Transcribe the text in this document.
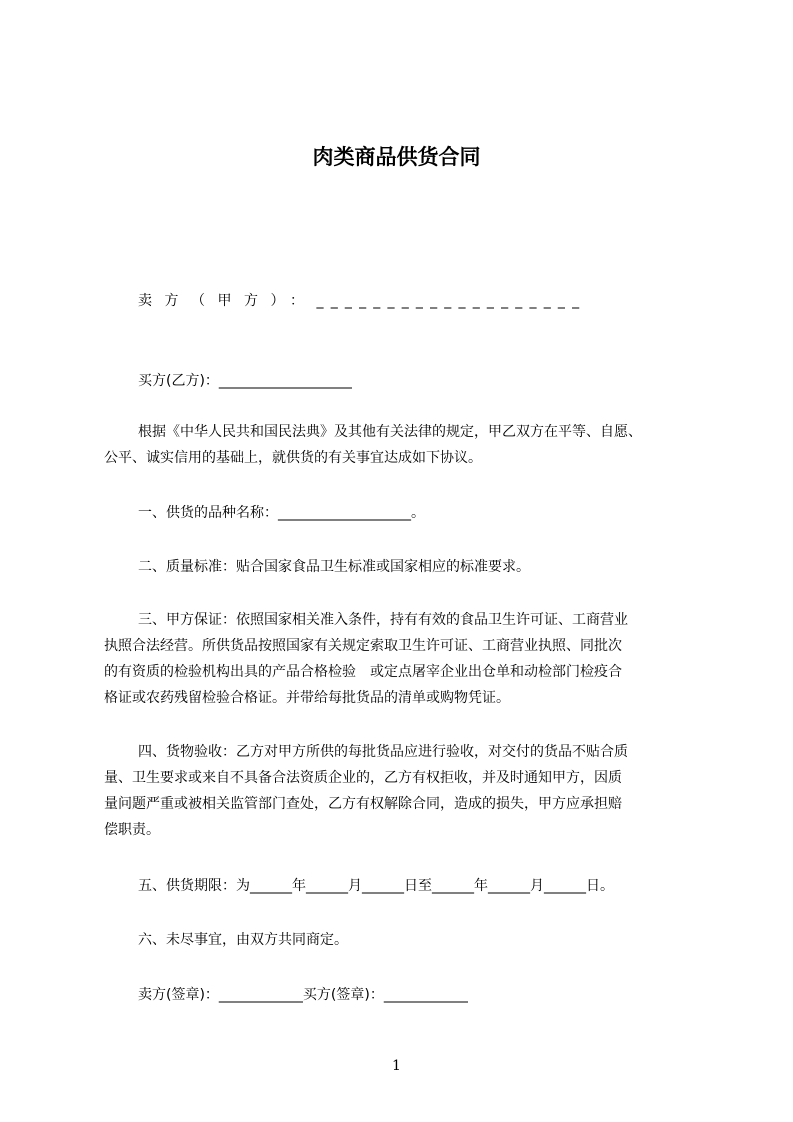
肉类商品供货合同
卖方（甲方）：___________________

买方(乙方)：___________________

根据《中华人民共和国民法典》及其他有关法律的规定，甲乙双方在平等、自愿、
公平、诚实信用的基础上，就供货的有关事宜达成如下协议。

一、供货的品种名称：___________________。

二、质量标准：贴合国家食品卫生标准或国家相应的标准要求。

三、甲方保证：依照国家相关准入条件，持有有效的食品卫生许可证、工商营业
执照合法经营。所供货品按照国家有关规定索取卫生许可证、工商营业执照、同批次
的有资质的检验机构出具的产品合格检验　或定点屠宰企业出仓单和动检部门检疫合
格证或农药残留检验合格证。并带给每批货品的清单或购物凭证。
四、货物验收：乙方对甲方所供的每批货品应进行验收，对交付的货品不贴合质
量、卫生要求或来自不具备合法资质企业的，乙方有权拒收，并及时通知甲方，因质
量问题严重或被相关监管部门查处，乙方有权解除合同，造成的损失，甲方应承担赔
偿职责。

五、供货期限：为______年______月______日至______年______月______日。

六、未尽事宜，由双方共同商定。

卖方(签章)：____________买方(签章)：____________

1
